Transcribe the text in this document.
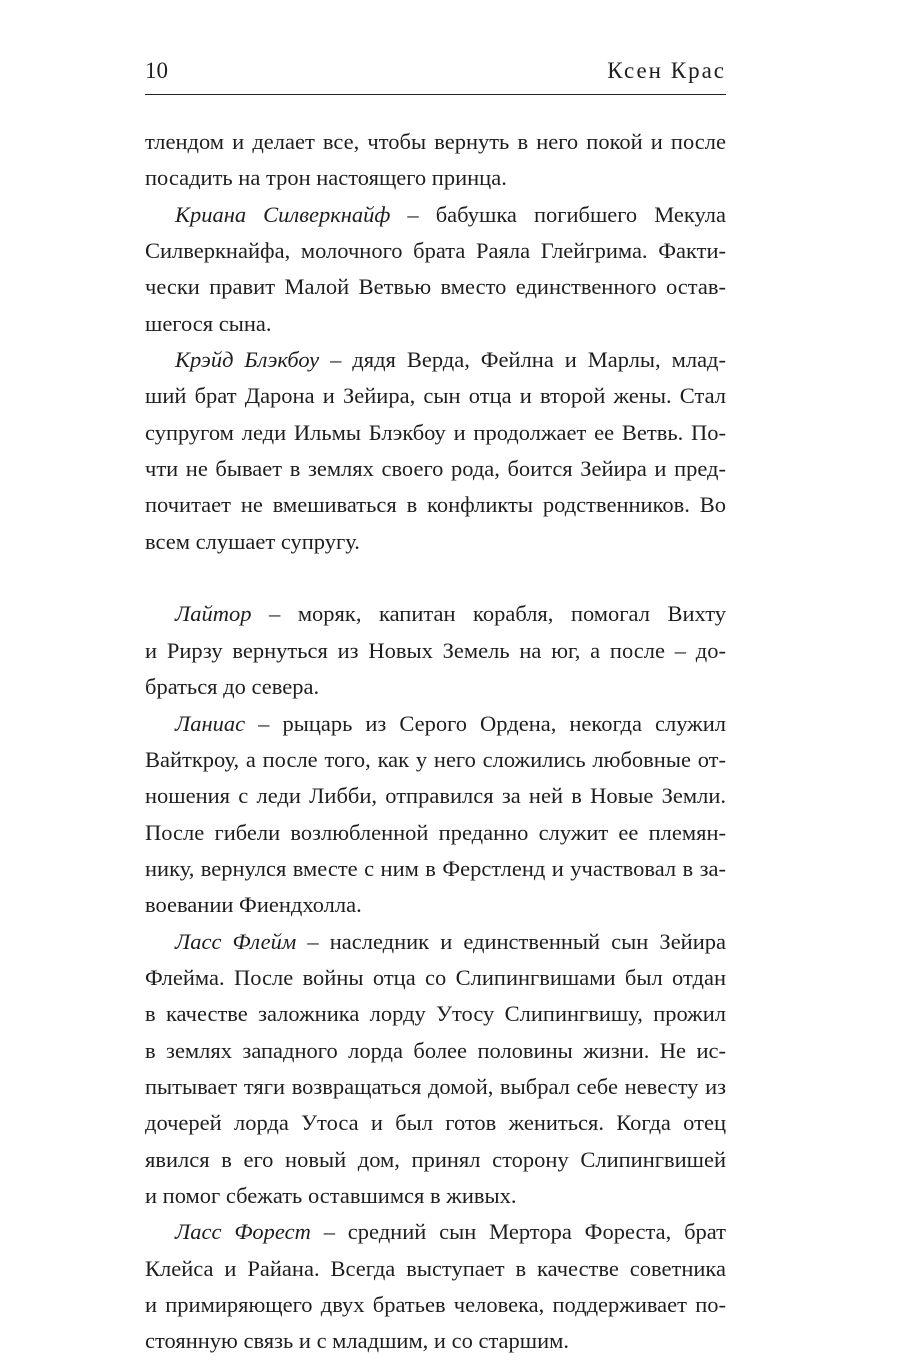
10	Ксен Крас
тлендом и делает все, чтобы вернуть в него покой и после
посадить на трон настоящего принца.
Криана Силверкнайф – бабушка погибшего Мекула
Силверкнайфа, молочного брата Раяла Глейгрима. Факти-
чески правит Малой Ветвью вместо единственного остав-
шегося сына.
Крэйд Блэкбоу – дядя Верда, Фейлна и Марлы, млад-
ший брат Дарона и Зейира, сын отца и второй жены. Стал
супругом леди Ильмы Блэкбоу и продолжает ее Ветвь. По-
чти не бывает в землях своего рода, боится Зейира и пред-
почитает не вмешиваться в конфликты родственников. Во
всем слушает супругу.
Лайтор – моряк, капитан корабля, помогал Вихту
и Рирзу вернуться из Новых Земель на юг, а после – до-
браться до севера.
Ланиас – рыцарь из Серого Ордена, некогда служил
Вайткроу, а после того, как у него сложились любовные от-
ношения с леди Либби, отправился за ней в Новые Земли.
После гибели возлюбленной преданно служит ее племян-
нику, вернулся вместе с ним в Ферстленд и участвовал в за-
воевании Фиендхолла.
Ласс Флейм – наследник и единственный сын Зейира
Флейма. После войны отца со Слипингвишами был отдан
в качестве заложника лорду Утосу Слипингвишу, прожил
в землях западного лорда более половины жизни. Не ис-
пытывает тяги возвращаться домой, выбрал себе невесту из
дочерей лорда Утоса и был готов жениться. Когда отец
явился в его новый дом, принял сторону Слипингвишей
и помог сбежать оставшимся в живых.
Ласс Форест – средний сын Мертора Фореста, брат
Клейса и Райана. Всегда выступает в качестве советника
и примиряющего двух братьев человека, поддерживает по-
стоянную связь и с младшим, и со старшим.
